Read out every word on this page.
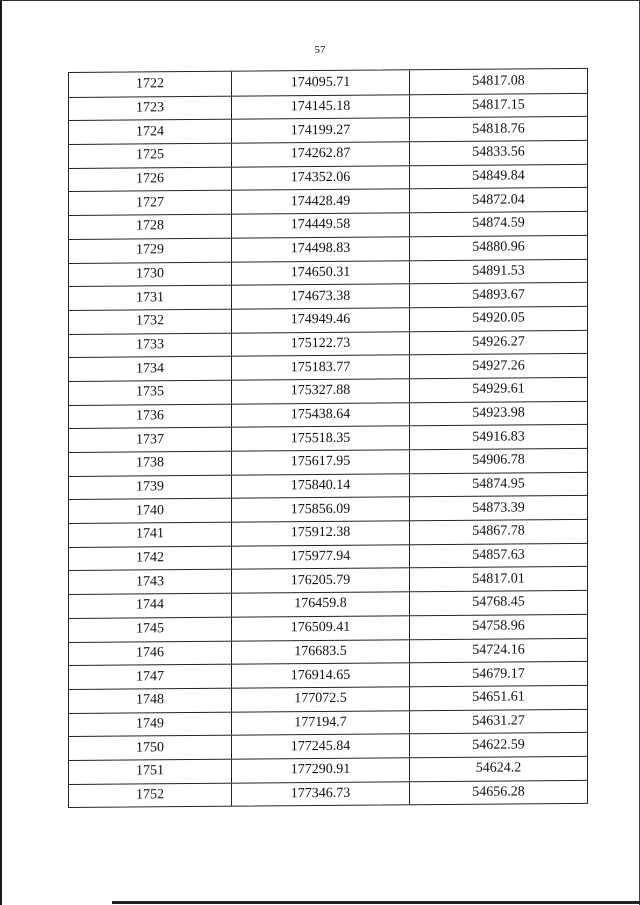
57
1722	174095.71	54817.08
1723	174145.18	54817.15
1724	174199.27	54818.76
1725	174262.87	54833.56
1726	174352.06	54849.84
1727	174428.49	54872.04
1728	174449.58	54874.59
1729	174498.83	54880.96
1730	174650.31	54891.53
1731	174673.38	54893.67
1732	174949.46	54920.05
1733	175122.73	54926.27
1734	175183.77	54927.26
1735	175327.88	54929.61
1736	175438.64	54923.98
1737	175518.35	54916.83
1738	175617.95	54906.78
1739	175840.14	54874.95
1740	175856.09	54873.39
1741	175912.38	54867.78
1742	175977.94	54857.63
1743	176205.79	54817.01
1744	176459.8	54768.45
1745	176509.41	54758.96
1746	176683.5	54724.16
1747	176914.65	54679.17
1748	177072.5	54651.61
1749	177194.7	54631.27
1750	177245.84	54622.59
1751	177290.91	54624.2
1752	177346.73	54656.28
